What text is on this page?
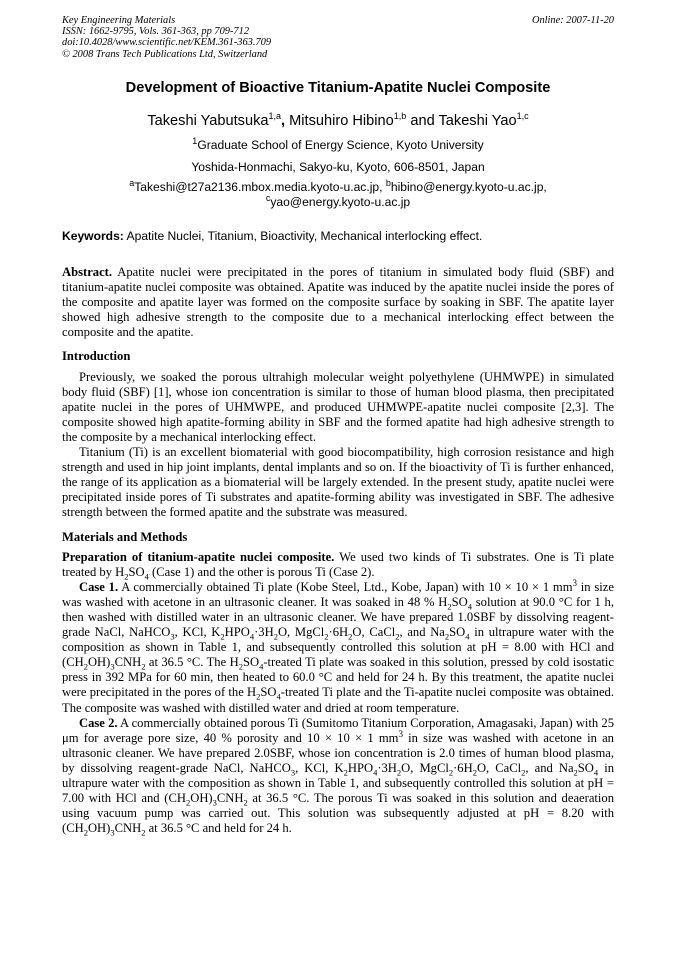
Key Engineering Materials
ISSN: 1662-9795, Vols. 361-363, pp 709-712
doi:10.4028/www.scientific.net/KEM.361-363.709
© 2008 Trans Tech Publications Ltd, Switzerland
Online: 2007-11-20
Development of Bioactive Titanium-Apatite Nuclei Composite
Takeshi Yabutsuka$^{1,a}$, Mitsuhiro Hibino$^{1,b}$ and Takeshi Yao$^{1,c}$
$^1$Graduate School of Energy Science, Kyoto University
Yoshida-Honmachi, Sakyo-ku, Kyoto, 606-8501, Japan
$^a$Takeshi@t27a2136.mbox.media.kyoto-u.ac.jp, $^b$hibino@energy.kyoto-u.ac.jp,
$^c$yao@energy.kyoto-u.ac.jp
Keywords: Apatite Nuclei, Titanium, Bioactivity, Mechanical interlocking effect.

Abstract. Apatite nuclei were precipitated in the pores of titanium in simulated body fluid (SBF) and titanium-apatite nuclei composite was obtained. Apatite was induced by the apatite nuclei inside the pores of the composite and apatite layer was formed on the composite surface by soaking in SBF. The apatite layer showed high adhesive strength to the composite due to a mechanical interlocking effect between the composite and the apatite.

Introduction

Previously, we soaked the porous ultrahigh molecular weight polyethylene (UHMWPE) in simulated body fluid (SBF) [1], whose ion concentration is similar to those of human blood plasma, then precipitated apatite nuclei in the pores of UHMWPE, and produced UHMWPE-apatite nuclei composite [2,3]. The composite showed high apatite-forming ability in SBF and the formed apatite had high adhesive strength to the composite by a mechanical interlocking effect.

Titanium (Ti) is an excellent biomaterial with good biocompatibility, high corrosion resistance and high strength and used in hip joint implants, dental implants and so on. If the bioactivity of Ti is further enhanced, the range of its application as a biomaterial will be largely extended. In the present study, apatite nuclei were precipitated inside pores of Ti substrates and apatite-forming ability was investigated in SBF. The adhesive strength between the formed apatite and the substrate was measured.

Materials and Methods

Preparation of titanium-apatite nuclei composite. We used two kinds of Ti substrates. One is Ti plate treated by $H_2SO_4$ (Case 1) and the other is porous Ti (Case 2).

Case 1. A commercially obtained Ti plate (Kobe Steel, Ltd., Kobe, Japan) with 10 × 10 × 1 $mm^3$ in size was washed with acetone in an ultrasonic cleaner. It was soaked in 48 % $H_2SO_4$ solution at 90.0 °C for 1 h, then washed with distilled water in an ultrasonic cleaner. We have prepared 1.0SBF by dissolving reagent-grade NaCl, NaHCO$_3$, KCl, $K_2HPO_4\cdot 3H_2O$, $MgCl_2\cdot 6H_2O$, CaCl$_2$, and $Na_2SO_4$ in ultrapure water with the composition as shown in Table 1, and subsequently controlled this solution at pH = 8.00 with HCl and $(CH_2OH)_3CNH_2$ at 36.5 °C. The $H_2SO_4$-treated Ti plate was soaked in this solution, pressed by cold isostatic press in 392 MPa for 60 min, then heated to 60.0 °C and held for 24 h. By this treatment, the apatite nuclei were precipitated in the pores of the $H_2SO_4$-treated Ti plate and the Ti-apatite nuclei composite was obtained. The composite was washed with distilled water and dried at room temperature.

Case 2. A commercially obtained porous Ti (Sumitomo Titanium Corporation, Amagasaki, Japan) with 25 μm for average pore size, 40 % porosity and 10 × 10 × 1 $mm^3$ in size was washed with acetone in an ultrasonic cleaner. We have prepared 2.0SBF, whose ion concentration is 2.0 times of human blood plasma, by dissolving reagent-grade NaCl, NaHCO$_3$, KCl, $K_2HPO_4\cdot 3H_2O$, $MgCl_2\cdot 6H_2O$, CaCl$_2$, and $Na_2SO_4$ in ultrapure water with the composition as shown in Table 1, and subsequently controlled this solution at pH = 7.00 with HCl and $(CH_2OH)_3CNH_2$ at 36.5 °C. The porous Ti was soaked in this solution and deaeration using vacuum pump was carried out. This solution was subsequently adjusted at pH = 8.20 with $(CH_2OH)_3CNH_2$ at 36.5 °C and held for 24 h.
